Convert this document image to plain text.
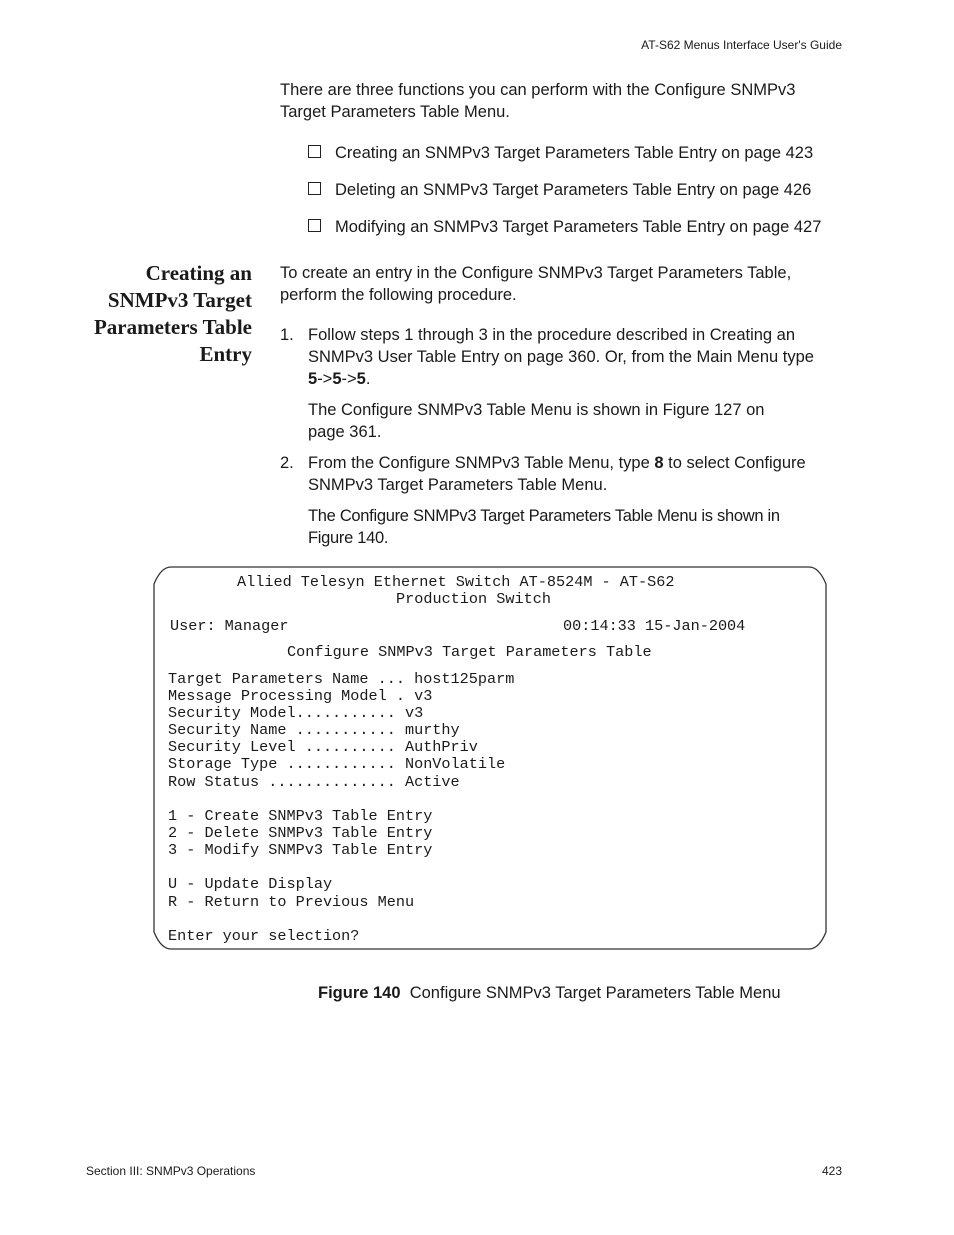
AT-S62 Menus Interface User's Guide
There are three functions you can perform with the Configure SNMPv3
Target Parameters Table Menu.
Creating an SNMPv3 Target Parameters Table Entry on page 423
Deleting an SNMPv3 Target Parameters Table Entry on page 426
Modifying an SNMPv3 Target Parameters Table Entry on page 427
Creating an
SNMPv3 Target
Parameters Table
Entry
To create an entry in the Configure SNMPv3 Target Parameters Table,
perform the following procedure.
1. Follow steps 1 through 3 in the procedure described in Creating an
SNMPv3 User Table Entry on page 360. Or, from the Main Menu type
5->5->5.
The Configure SNMPv3 Table Menu is shown in Figure 127 on
page 361.
2. From the Configure SNMPv3 Table Menu, type 8 to select Configure
SNMPv3 Target Parameters Table Menu.
The Configure SNMPv3 Target Parameters Table Menu is shown in
Figure 140.
Allied Telesyn Ethernet Switch AT-8524M - AT-S62
Production Switch
User: Manager	00:14:33 15-Jan-2004
Configure SNMPv3 Target Parameters Table
Target Parameters Name ... host125parm
Message Processing Model . v3
Security Model........... v3
Security Name ........... murthy
Security Level .......... AuthPriv
Storage Type ............ NonVolatile
Row Status .............. Active
1 - Create SNMPv3 Table Entry
2 - Delete SNMPv3 Table Entry
3 - Modify SNMPv3 Table Entry
U - Update Display
R - Return to Previous Menu
Enter your selection?
Figure 140 Configure SNMPv3 Target Parameters Table Menu
Section III: SNMPv3 Operations	423
